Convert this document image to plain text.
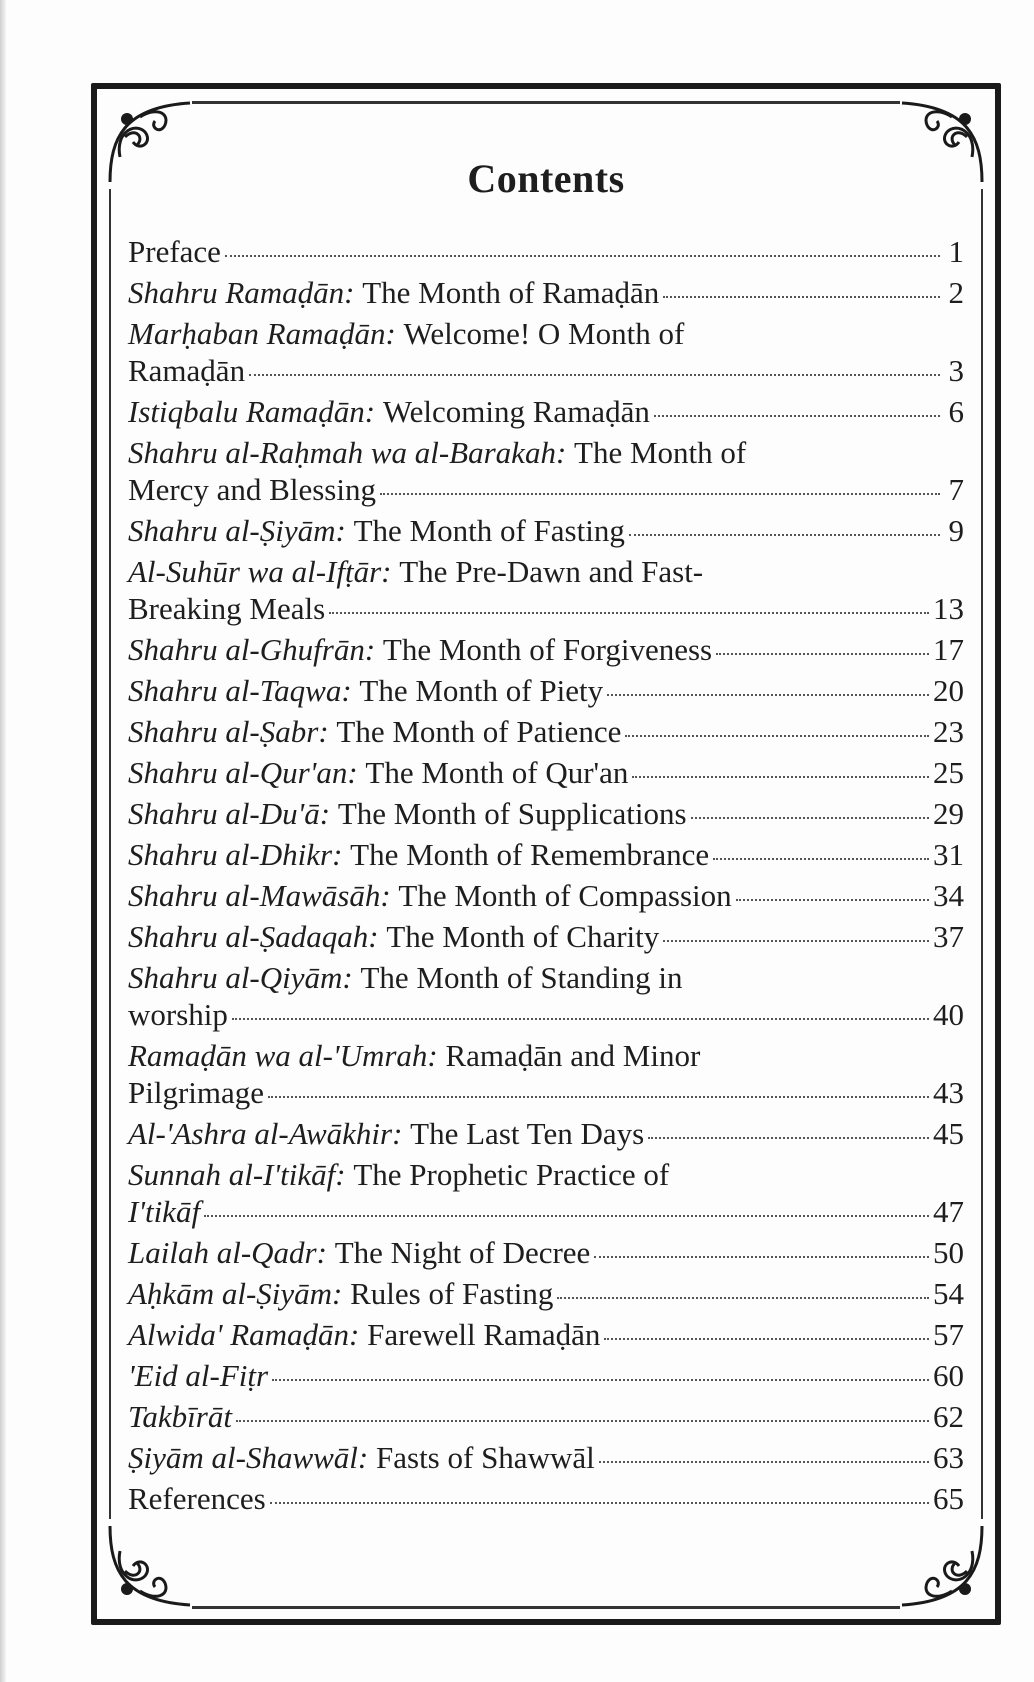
Contents
Preface	1
Shahru Ramaḍān: The Month of Ramaḍān	2
Marḥaban Ramaḍān: Welcome! O Month of
Ramaḍān	3
Istiqbalu Ramaḍān: Welcoming Ramaḍān	6
Shahru al-Raḥmah wa al-Barakah: The Month of
Mercy and Blessing	7
Shahru al-Ṣiyām: The Month of Fasting	9
Al-Suhūr wa al-Ifṭār: The Pre-Dawn and Fast-
Breaking Meals	13
Shahru al-Ghufrān: The Month of Forgiveness	17
Shahru al-Taqwa: The Month of Piety	20
Shahru al-Ṣabr: The Month of Patience	23
Shahru al-Qur'an: The Month of Qur'an	25
Shahru al-Du'ā: The Month of Supplications	29
Shahru al-Dhikr: The Month of Remembrance	31
Shahru al-Mawāsāh: The Month of Compassion	34
Shahru al-Ṣadaqah: The Month of Charity	37
Shahru al-Qiyām: The Month of Standing in
worship	40
Ramaḍān wa al-'Umrah: Ramaḍān and Minor
Pilgrimage	43
Al-'Ashra al-Awākhir: The Last Ten Days	45
Sunnah al-I'tikāf: The Prophetic Practice of
I'tikāf	47
Lailah al-Qadr: The Night of Decree	50
Aḥkām al-Ṣiyām: Rules of Fasting	54
Alwida' Ramaḍān: Farewell Ramaḍān	57
'Eid al-Fiṭr	60
Takbīrāt	62
Ṣiyām al-Shawwāl: Fasts of Shawwāl	63
References	65
